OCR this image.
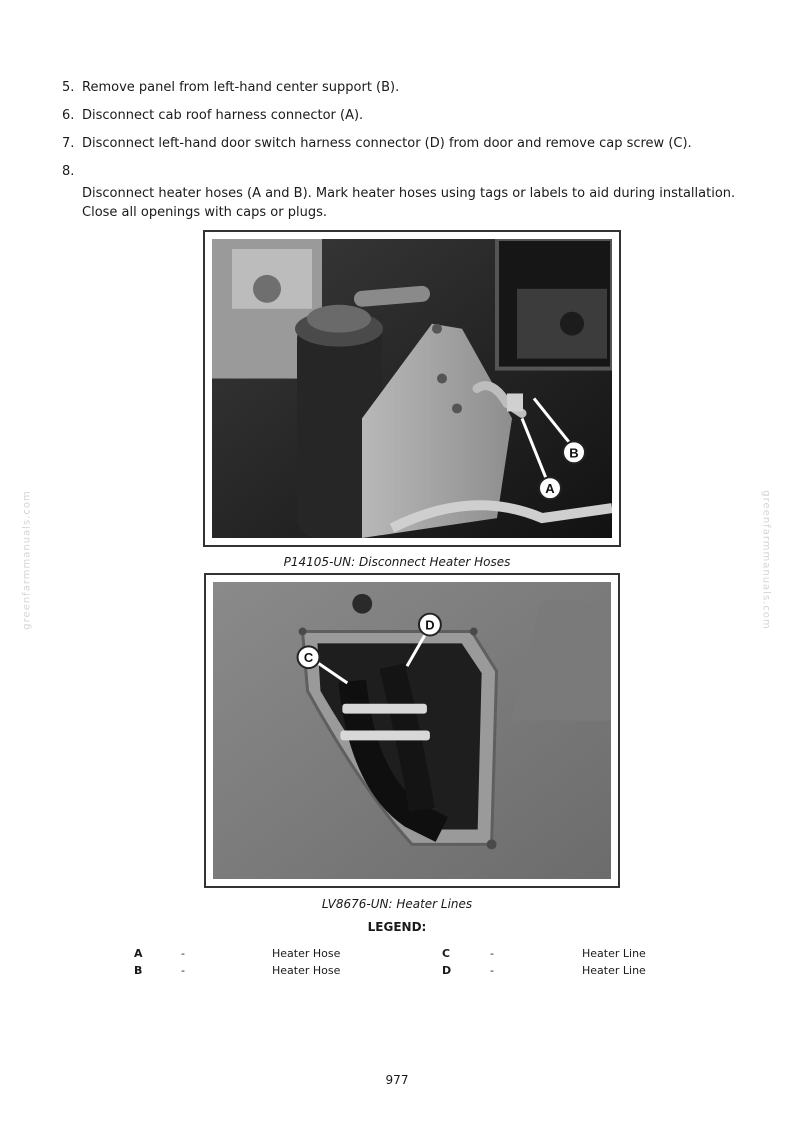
greenfarmmanuals.com	greenfarmmanuals.com
5. Remove panel from left-hand center support (B).
6. Disconnect cab roof harness connector (A).
7. Disconnect left-hand door switch harness connector (D) from door and remove cap screw (C).
8.
Disconnect heater hoses (A and B). Mark heater hoses using tags or labels to aid during installation. Close all openings with caps or plugs.
A
B
P14105-UN: Disconnect Heater Hoses
C
D
LV8676-UN: Heater Lines
LEGEND:
A	-	Heater Hose	C	-	Heater Line
B	-	Heater Hose	D	-	Heater Line
977
